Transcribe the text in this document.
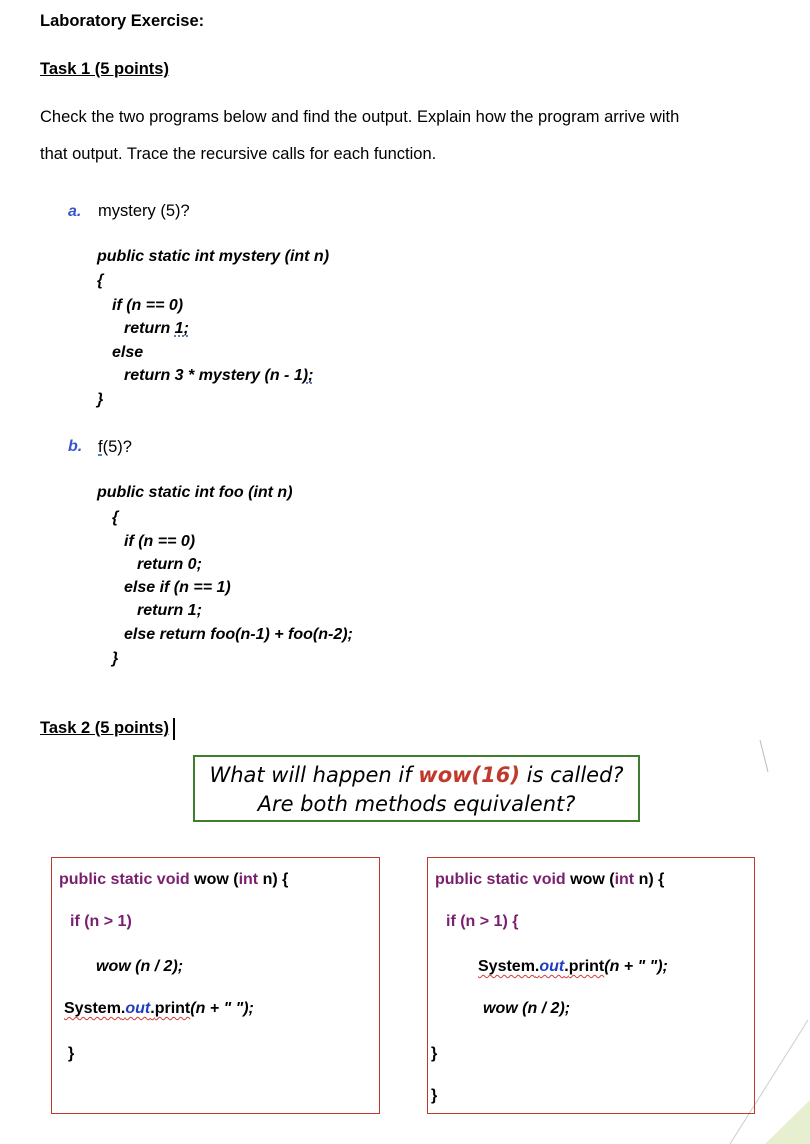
Laboratory Exercise:
Task 1 (5 points)
Check the two programs below and find the output. Explain how the program arrive with
that output. Trace the recursive calls for each function.
a. mystery (5)?
public static int mystery (int n)
{
if (n == 0)
return 1;
else
return 3 * mystery (n - 1);
}
b. f(5)?
public static int foo (int n)
{
if (n == 0)
return 0;
else if (n == 1)
return 1;
else return foo(n-1) + foo(n-2);
}
Task 2 (5 points)
What will happen if wow(16) is called?
Are both methods equivalent?
public static void wow (int n) {
if (n > 1)
wow (n / 2);
System.out.print(n + " ");
}
public static void wow (int n) {
if (n > 1) {
System.out.print(n + " ");
wow (n / 2);
}
}
